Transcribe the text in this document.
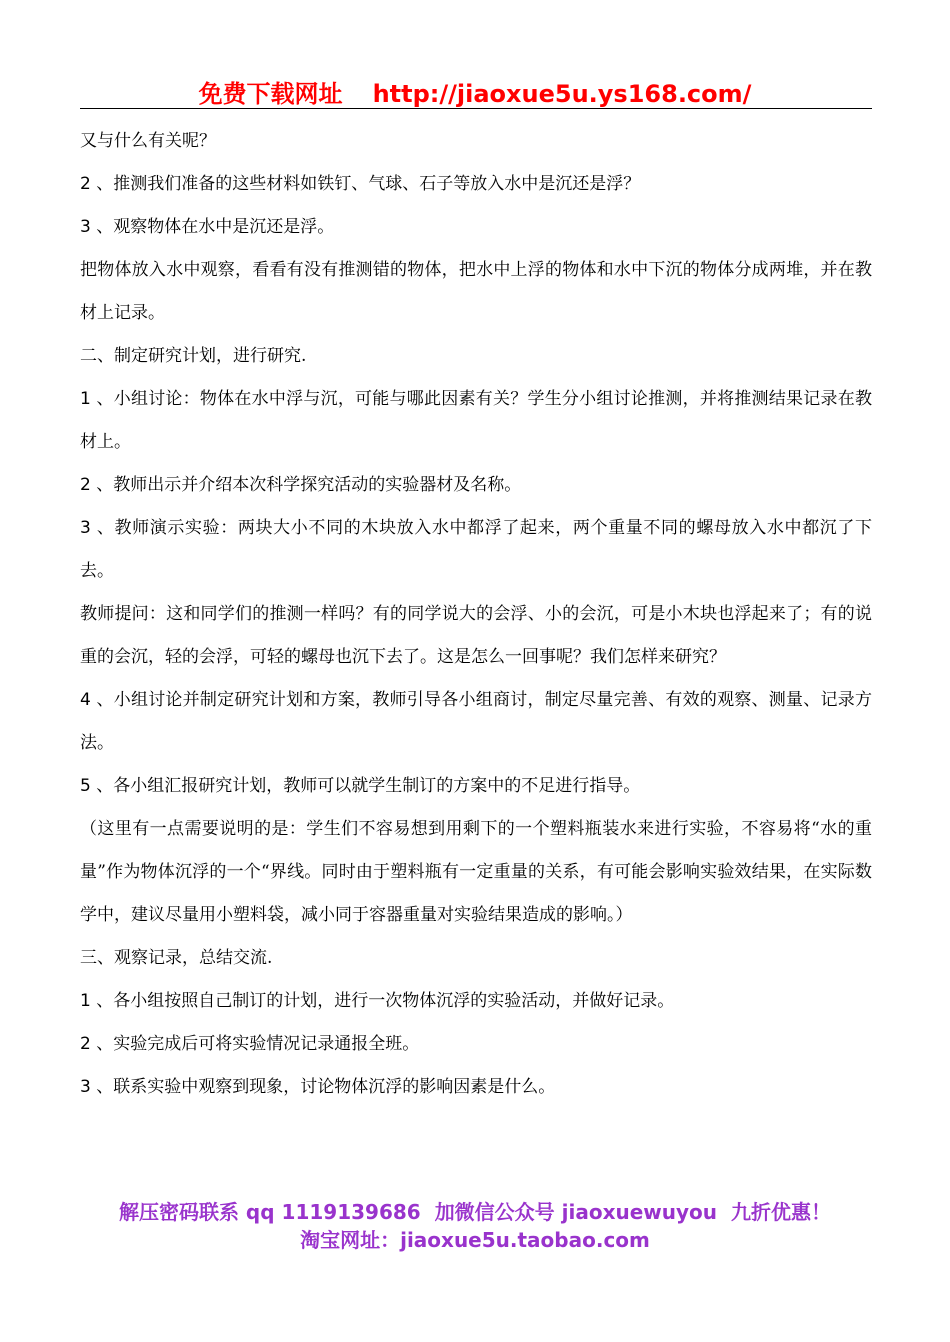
免费下载网址 http://jiaoxue5u.ys168.com/

又与什么有关呢？

2 、推测我们准备的这些材料如铁钉、气球、石子等放入水中是沉还是浮？

3 、观察物体在水中是沉还是浮。

把物体放入水中观察，看看有没有推测错的物体，把水中上浮的物体和水中下沉的物体分成两堆，并在教材上记录。

二、制定研究计划，进行研究.

1 、小组讨论：物体在水中浮与沉，可能与哪此因素有关？学生分小组讨论推测，并将推测结果记录在教材上。

2 、教师出示并介绍本次科学探究活动的实验器材及名称。

3 、教师演示实验：两块大小不同的木块放入水中都浮了起来，两个重量不同的螺母放入水中都沉了下去。

教师提问：这和同学们的推测一样吗？有的同学说大的会浮、小的会沉，可是小木块也浮起来了；有的说重的会沉，轻的会浮，可轻的螺母也沉下去了。这是怎么一回事呢？我们怎样来研究？

4 、小组讨论并制定研究计划和方案，教师引导各小组商讨，制定尽量完善、有效的观察、测量、记录方法。

5 、各小组汇报研究计划，教师可以就学生制订的方案中的不足进行指导。

（这里有一点需要说明的是：学生们不容易想到用剩下的一个塑料瓶装水来进行实验，不容易将“水的重量”作为物体沉浮的一个“界线。同时由于塑料瓶有一定重量的关系，有可能会影响实验效结果，在实际数学中，建议尽量用小塑料袋，减小同于容器重量对实验结果造成的影响。）

三、观察记录，总结交流.

1 、各小组按照自己制订的计划，进行一次物体沉浮的实验活动，并做好记录。

2 、实验完成后可将实验情况记录通报全班。

3 、联系实验中观察到现象，讨论物体沉浮的影响因素是什么。

解压密码联系 qq 1119139686 加微信公众号 jiaoxuewuyou 九折优惠！
淘宝网址：jiaoxue5u.taobao.com
